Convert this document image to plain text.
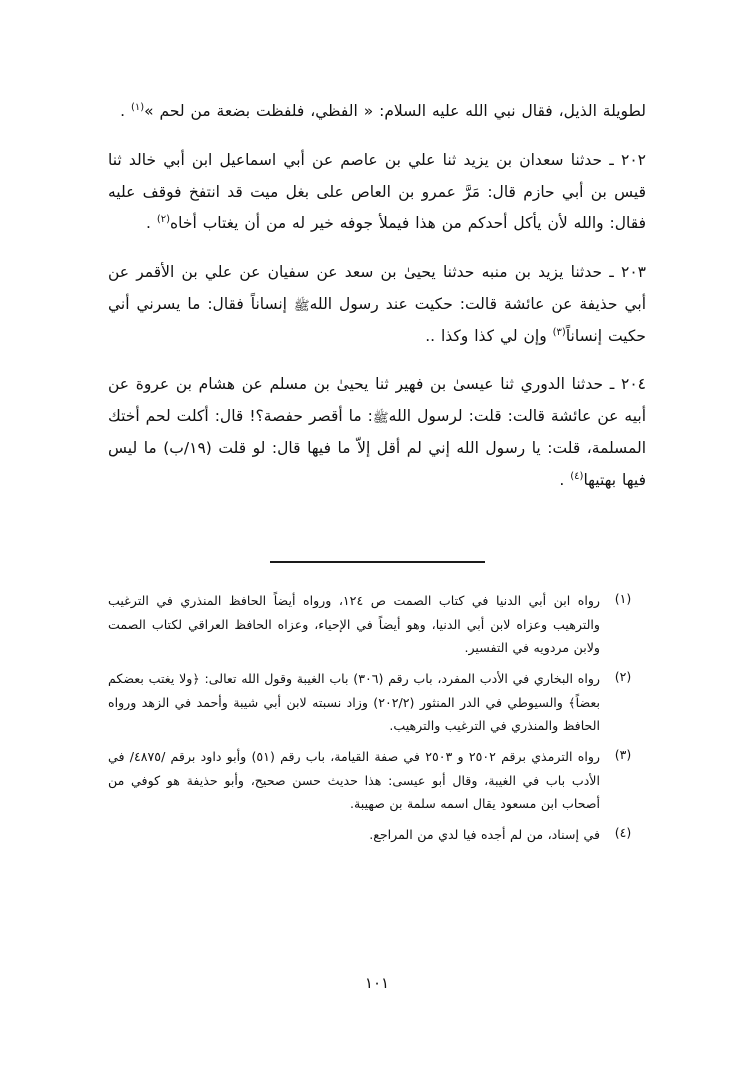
لطويلة الذيل، فقال نبي الله عليه السلام: « الفظي، فلفظت بضعة من لحم »$^{(١)}$ .

٢٠٢ ـ حدثنا سعدان بن يزيد ثنا علي بن عاصم عن أبي اسماعيل ابن أبي خالد ثنا قيس بن أبي حازم قال: مَرَّ عمرو بن العاص على بغل ميت قد انتفخ فوقف عليه فقال: والله لأن يأكل أحدكم من هذا فيملأ جوفه خير له من أن يغتاب أخاه$^{(٢)}$ .

٢٠٣ ـ حدثنا يزيد بن منبه حدثنا يحيىٰ بن سعد عن سفيان عن علي بن الأقمر عن أبي حذيفة عن عائشة قالت: حكيت عند رسول اللهﷺ إنساناً فقال: ما يسرني أني حكيت إنساناً$^{(٣)}$ وإن لي كذا وكذا ..

٢٠٤ ـ حدثنا الدوري ثنا عيسىٰ بن فهير ثنا يحيىٰ بن مسلم عن هشام بن عروة عن أبيه عن عائشة قالت: قلت: لرسول اللهﷺ: ما أقصر حفصة؟! قال: أكلت لحم أختك المسلمة، قلت: يا رسول الله إني لم أقل إلاّ ما فيها قال: لو قلت (١٩/ب) ما ليس فيها بهتيها$^{(٤)}$ .

(١)
رواه ابن أبي الدنيا في كتاب الصمت ص ١٢٤، ورواه أيضاً الحافظ المنذري في الترغيب والترهيب وعزاه لابن أبي الدنيا، وهو أيضاً في الإحياء، وعزاه الحافظ العراقي لكتاب الصمت ولابن مردويه في التفسير.
(٢)
رواه البخاري في الأدب المفرد، باب رقم (٣٠٦) باب الغيبة وقول الله تعالى: ﴿ولا يغتب بعضكم بعضاً﴾ والسيوطي في الدر المنثور (٢٠٢/٢) وزاد نسبته لابن أبي شيبة وأحمد في الزهد ورواه الحافظ والمنذري في الترغيب والترهيب.
(٣)
رواه الترمذي برقم ٢٥٠٢ و ٢٥٠٣ في صفة القيامة، باب رقم (٥١) وأبو داود برقم /٤٨٧٥/ في الأدب باب في الغيبة، وقال أبو عيسى: هذا حديث حسن صحيح، وأبو حذيفة هو كوفي من أصحاب ابن مسعود يقال اسمه سلمة بن صهيبة.
(٤)
في إسناد، من لم أجده فيا لدي من المراجع.
١٠١
